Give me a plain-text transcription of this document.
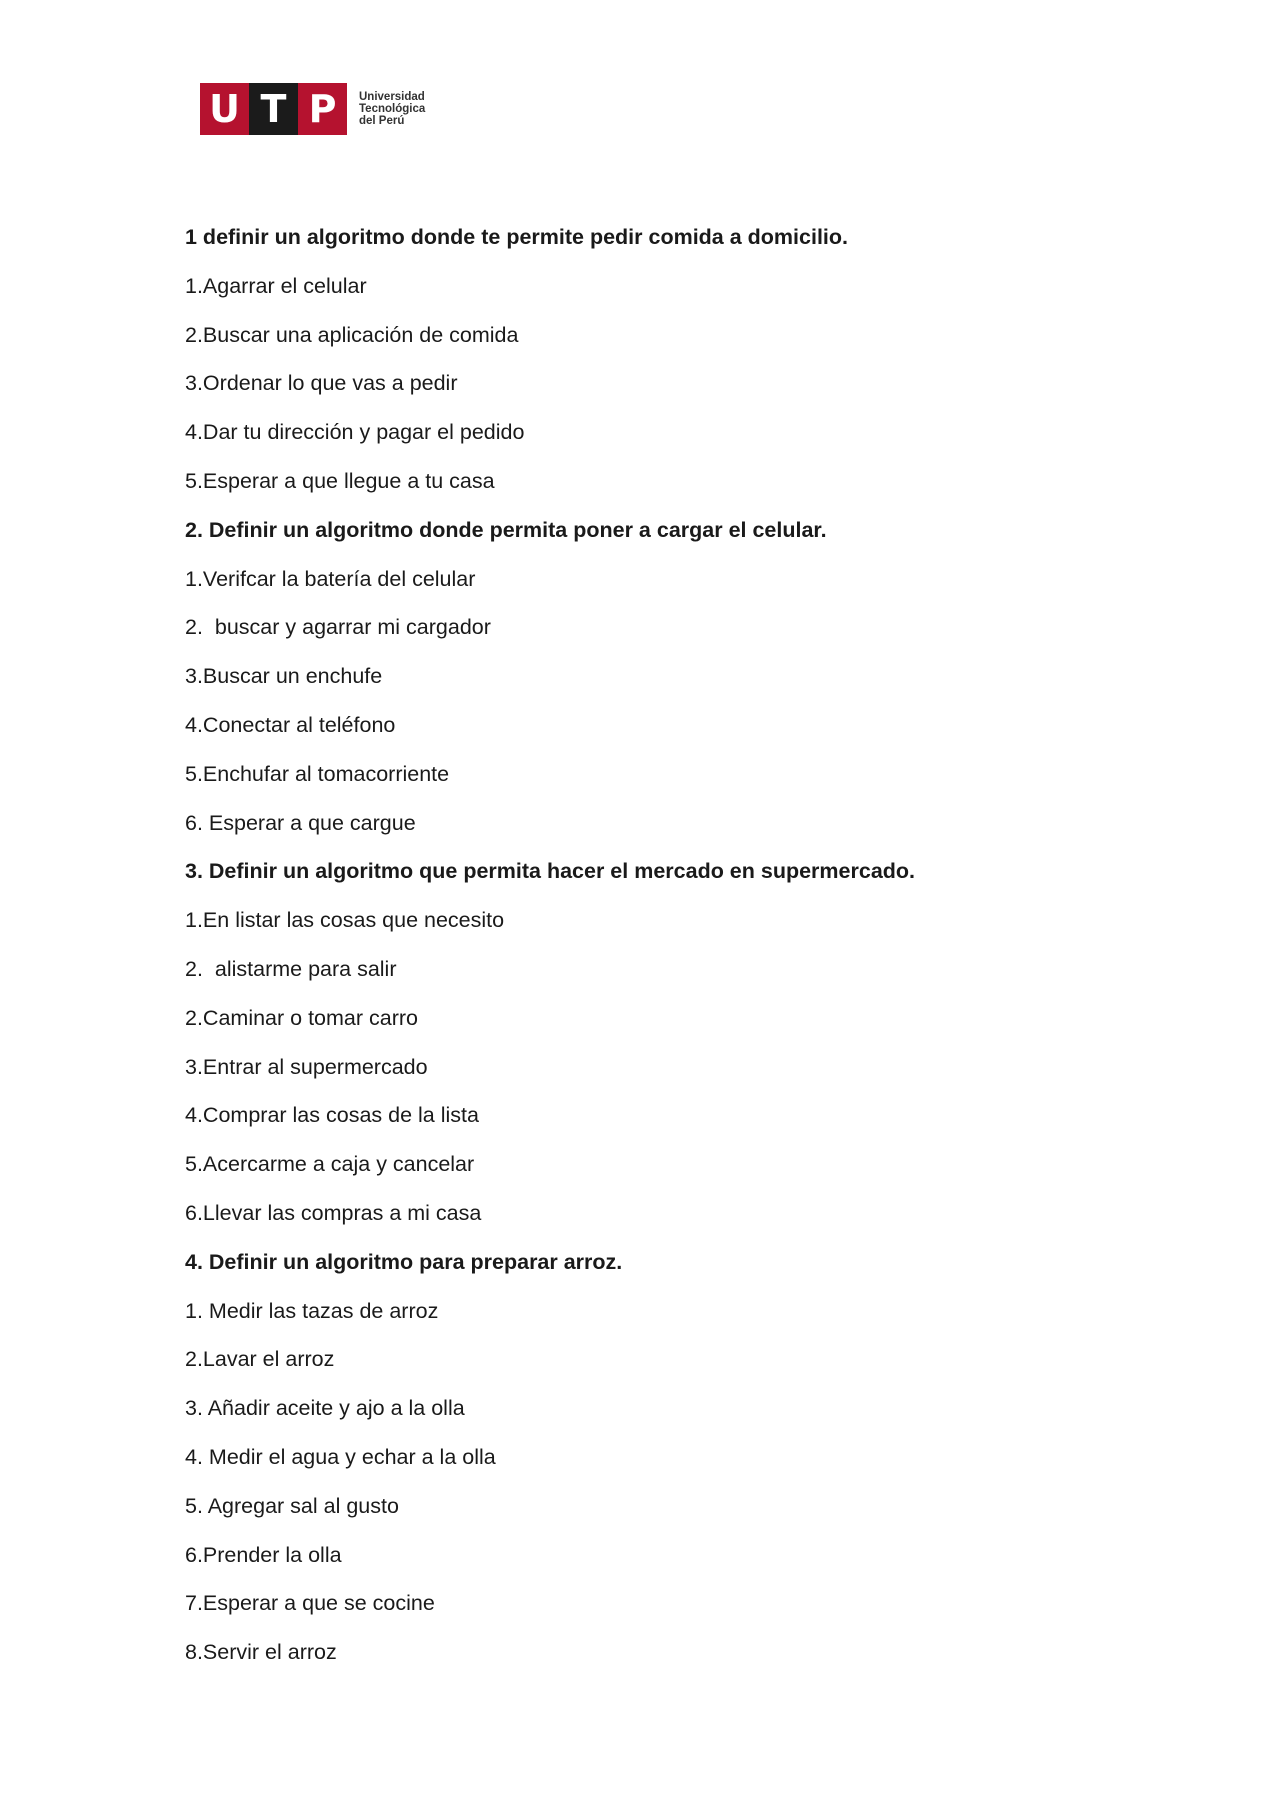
U T P	Universidad
Tecnológica
del Perú
1 definir un algoritmo donde te permite pedir comida a domicilio.
1.Agarrar el celular
2.Buscar una aplicación de comida
3.Ordenar lo que vas a pedir
4.Dar tu dirección y pagar el pedido
5.Esperar a que llegue a tu casa
2. Definir un algoritmo donde permita poner a cargar el celular.
1.Verifcar la batería del celular
2.  buscar y agarrar mi cargador
3.Buscar un enchufe
4.Conectar al teléfono
5.Enchufar al tomacorriente
6. Esperar a que cargue
3. Definir un algoritmo que permita hacer el mercado en supermercado.
1.En listar las cosas que necesito
2.  alistarme para salir
2.Caminar o tomar carro
3.Entrar al supermercado
4.Comprar las cosas de la lista
5.Acercarme a caja y cancelar
6.Llevar las compras a mi casa
4. Definir un algoritmo para preparar arroz.
1. Medir las tazas de arroz
2.Lavar el arroz
3. Añadir aceite y ajo a la olla
4. Medir el agua y echar a la olla
5. Agregar sal al gusto
6.Prender la olla
7.Esperar a que se cocine
8.Servir el arroz
